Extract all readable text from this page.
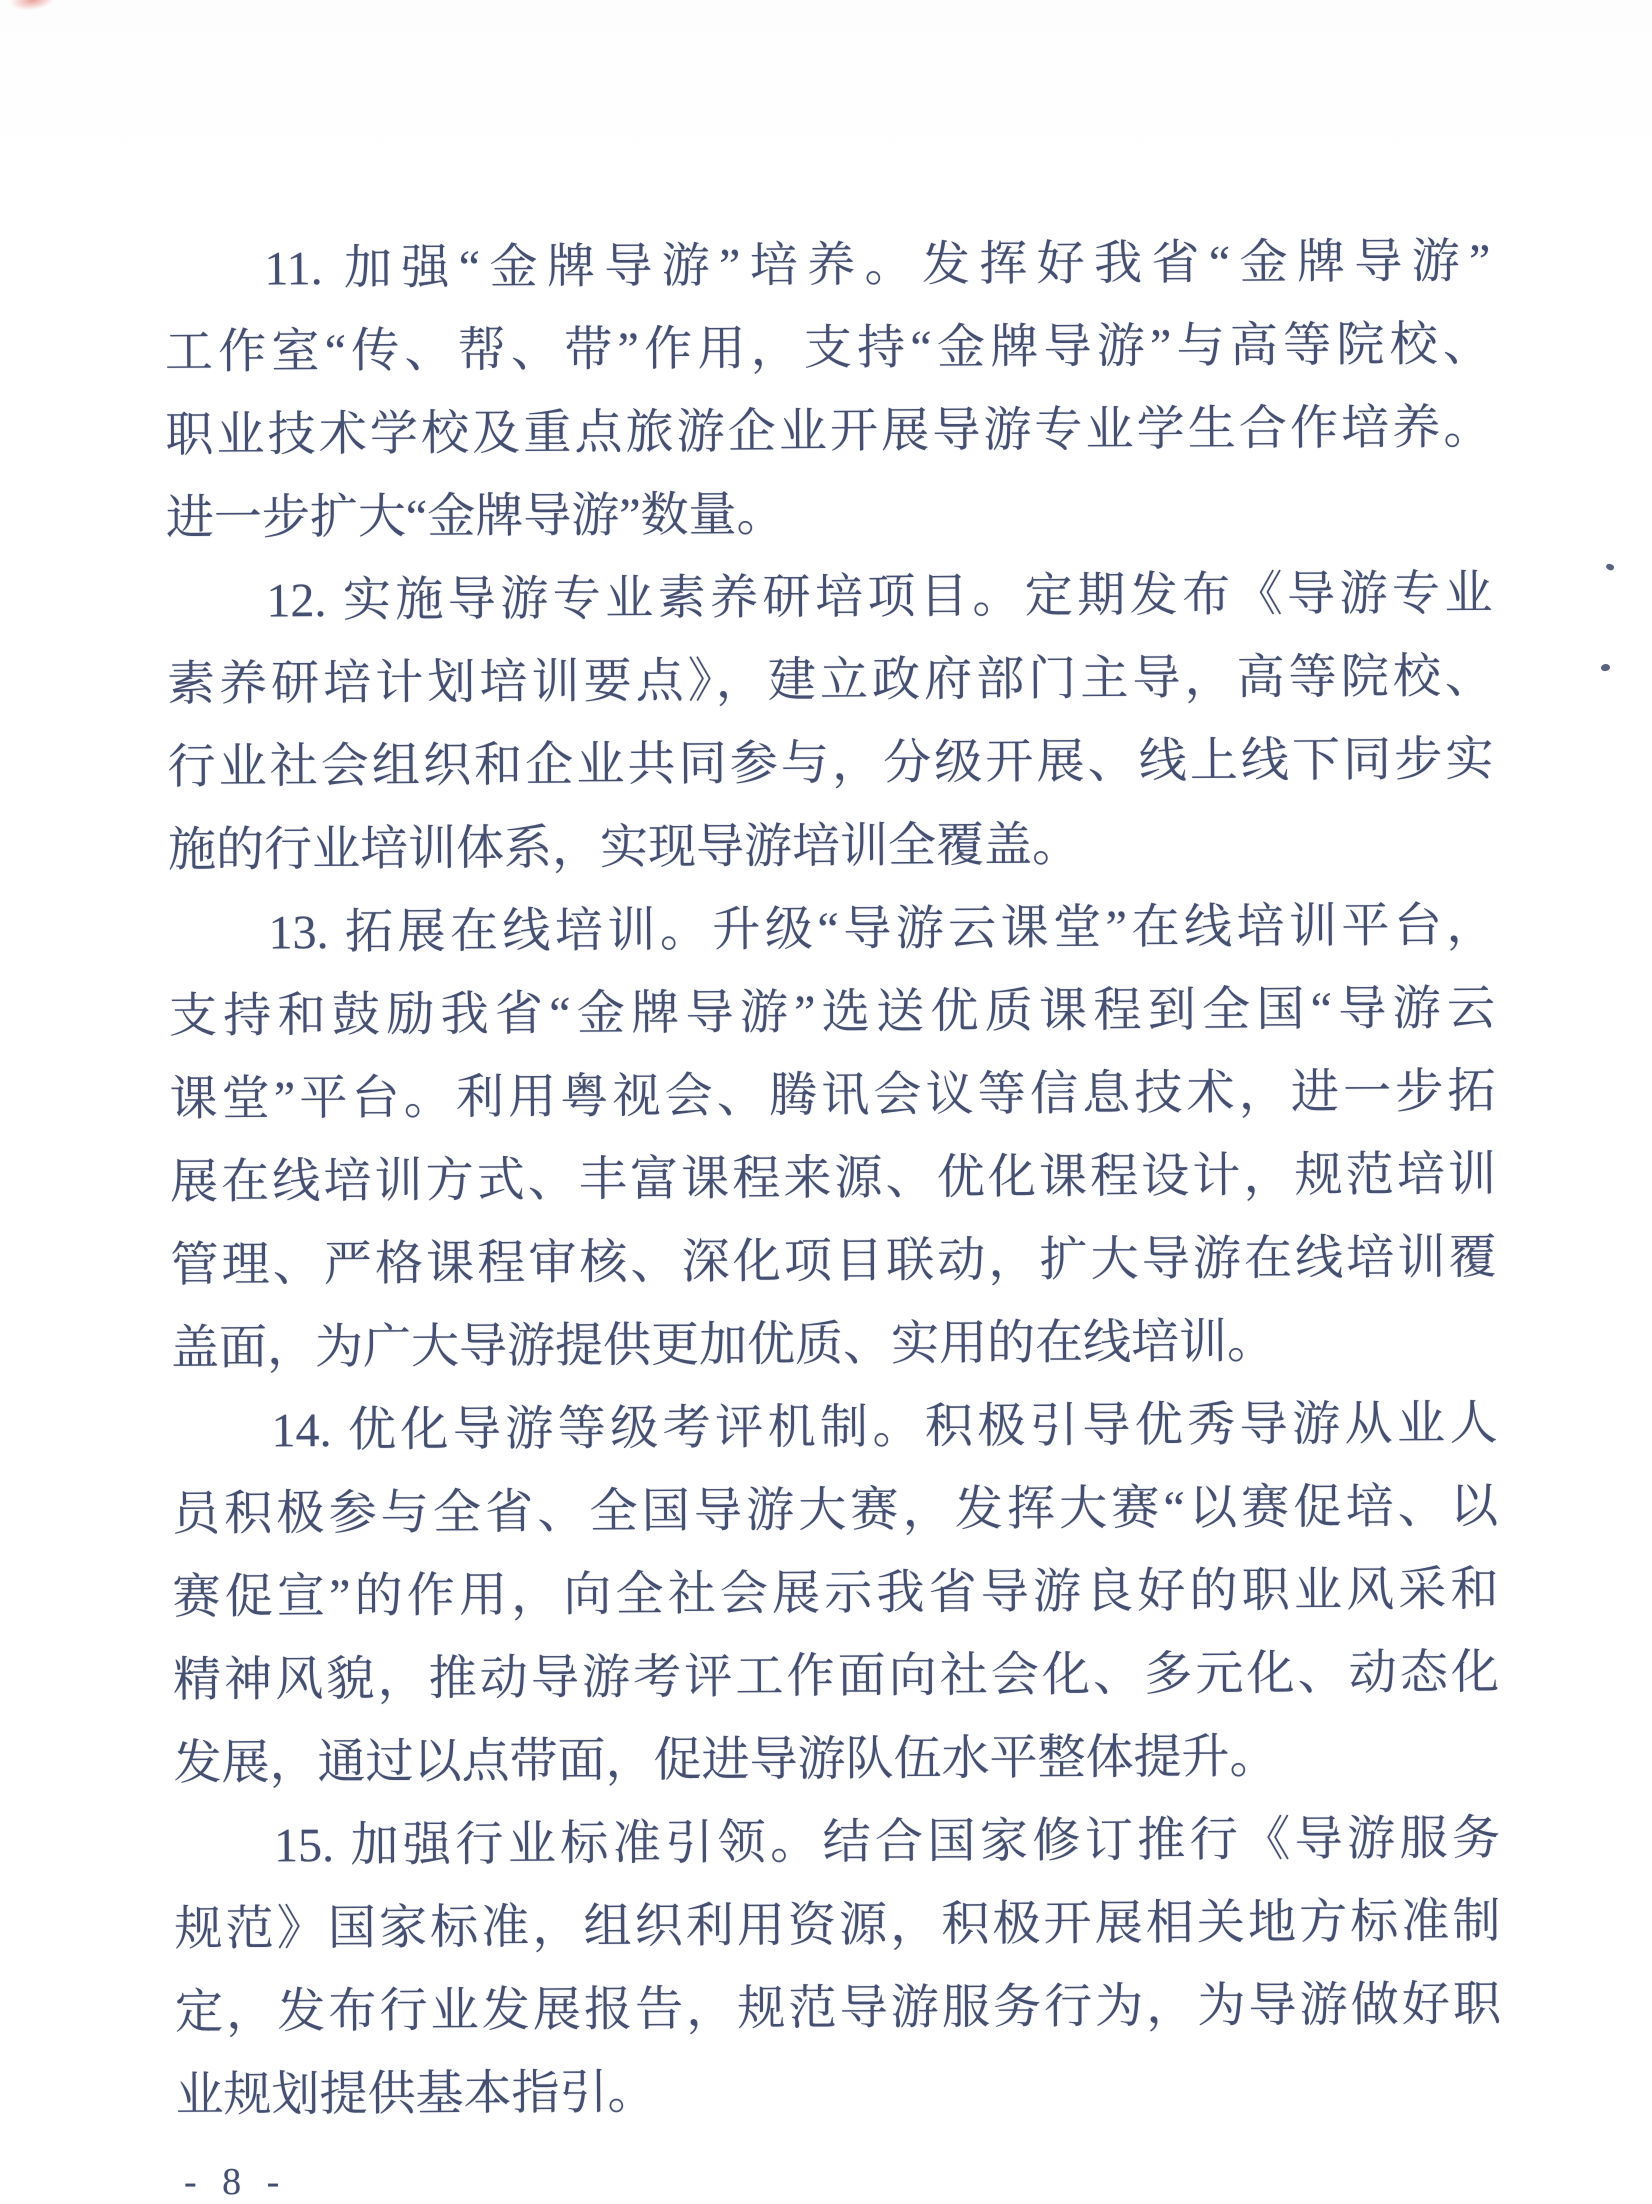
11. 加强“金牌导游”培养。发挥好我省“金牌导游”
工作室“传、帮、带”作用，支持“金牌导游”与高等院校、
职业技术学校及重点旅游企业开展导游专业学生合作培养。
进一步扩大“金牌导游”数量。
12. 实施导游专业素养研培项目。定期发布《导游专业
素养研培计划培训要点》，建立政府部门主导，高等院校、
行业社会组织和企业共同参与，分级开展、线上线下同步实
施的行业培训体系，实现导游培训全覆盖。
13. 拓展在线培训。升级“导游云课堂”在线培训平台，
支持和鼓励我省“金牌导游”选送优质课程到全国“导游云
课堂”平台。利用粤视会、腾讯会议等信息技术，进一步拓
展在线培训方式、丰富课程来源、优化课程设计，规范培训
管理、严格课程审核、深化项目联动，扩大导游在线培训覆
盖面，为广大导游提供更加优质、实用的在线培训。
14. 优化导游等级考评机制。积极引导优秀导游从业人
员积极参与全省、全国导游大赛，发挥大赛“以赛促培、以
赛促宣”的作用，向全社会展示我省导游良好的职业风采和
精神风貌，推动导游考评工作面向社会化、多元化、动态化
发展，通过以点带面，促进导游队伍水平整体提升。
15. 加强行业标准引领。结合国家修订推行《导游服务
规范》国家标准，组织利用资源，积极开展相关地方标准制
定，发布行业发展报告，规范导游服务行为，为导游做好职
业规划提供基本指引。
- 8 -
